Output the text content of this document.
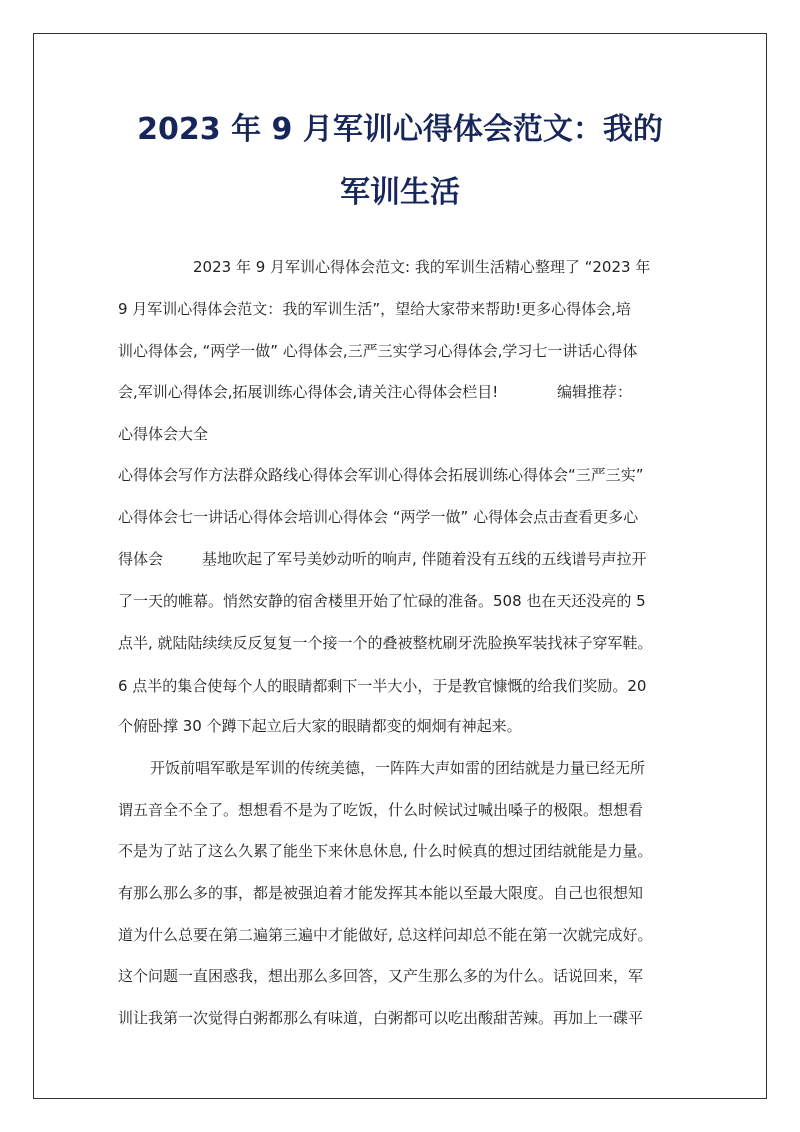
2023 年 9 月军训心得体会范文：我的
军训生活
2023 年 9 月军训心得体会范文: 我的军训生活精心整理了 “2023 年
9 月军训心得体会范文：我的军训生活”，望给大家带来帮助!更多心得体会,培
训心得体会, “两学一做” 心得体会,三严三实学习心得体会,学习七一讲话心得体
会,军训心得体会,拓展训练心得体会,请关注心得体会栏目!	编辑推荐：
心得体会大全
心得体会写作方法群众路线心得体会军训心得体会拓展训练心得体会“三严三实”
心得体会七一讲话心得体会培训心得体会 “两学一做” 心得体会点击查看更多心
得体会	基地吹起了军号美妙动听的响声, 伴随着没有五线的五线谱号声拉开
了一天的帷幕。悄然安静的宿舍楼里开始了忙碌的准备。508 也在天还没亮的 5
点半, 就陆陆续续反反复复一个接一个的叠被整枕刷牙洗脸换军装找袜子穿军鞋。
6 点半的集合使每个人的眼睛都剩下一半大小，于是教官慷慨的给我们奖励。20
个俯卧撑 30 个蹲下起立后大家的眼睛都变的炯炯有神起来。
开饭前唱军歌是军训的传统美德，一阵阵大声如雷的团结就是力量已经无所
谓五音全不全了。想想看不是为了吃饭，什么时候试过喊出嗓子的极限。想想看
不是为了站了这么久累了能坐下来休息休息, 什么时候真的想过团结就能是力量。
有那么那么多的事，都是被强迫着才能发挥其本能以至最大限度。自己也很想知
道为什么总要在第二遍第三遍中才能做好, 总这样问却总不能在第一次就完成好。
这个问题一直困惑我，想出那么多回答，又产生那么多的为什么。话说回来，军
训让我第一次觉得白粥都那么有味道，白粥都可以吃出酸甜苦辣。再加上一碟平
